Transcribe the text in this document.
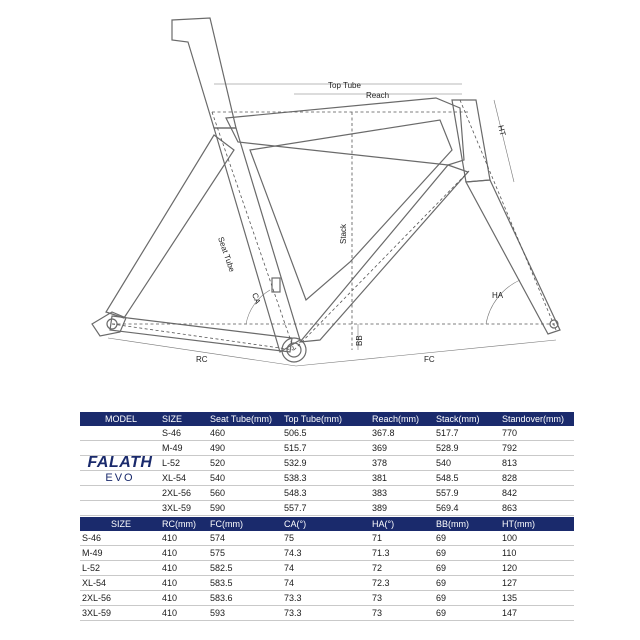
Top Tube
Reach
HT
Stack
Seat Tube
CA	HA
BB
RC	FC
FALATH
EVO
MODEL	SIZE	Seat Tube(mm)	Top Tube(mm)	Reach(mm)	Stack(mm)	Standover(mm)
	S-46	460	506.5	367.8	517.7	770
	M-49	490	515.7	369	528.9	792
	L-52	520	532.9	378	540	813
	XL-54	540	538.3	381	548.5	828
	2XL-56	560	548.3	383	557.9	842
	3XL-59	590	557.7	389	569.4	863
SIZE	RC(mm)	FC(mm)	CA(°)	HA(°)	BB(mm)	HT(mm)
S-46	410	574	75	71	69	100
M-49	410	575	74.3	71.3	69	110
L-52	410	582.5	74	72	69	120
XL-54	410	583.5	74	72.3	69	127
2XL-56	410	583.6	73.3	73	69	135
3XL-59	410	593	73.3	73	69	147
